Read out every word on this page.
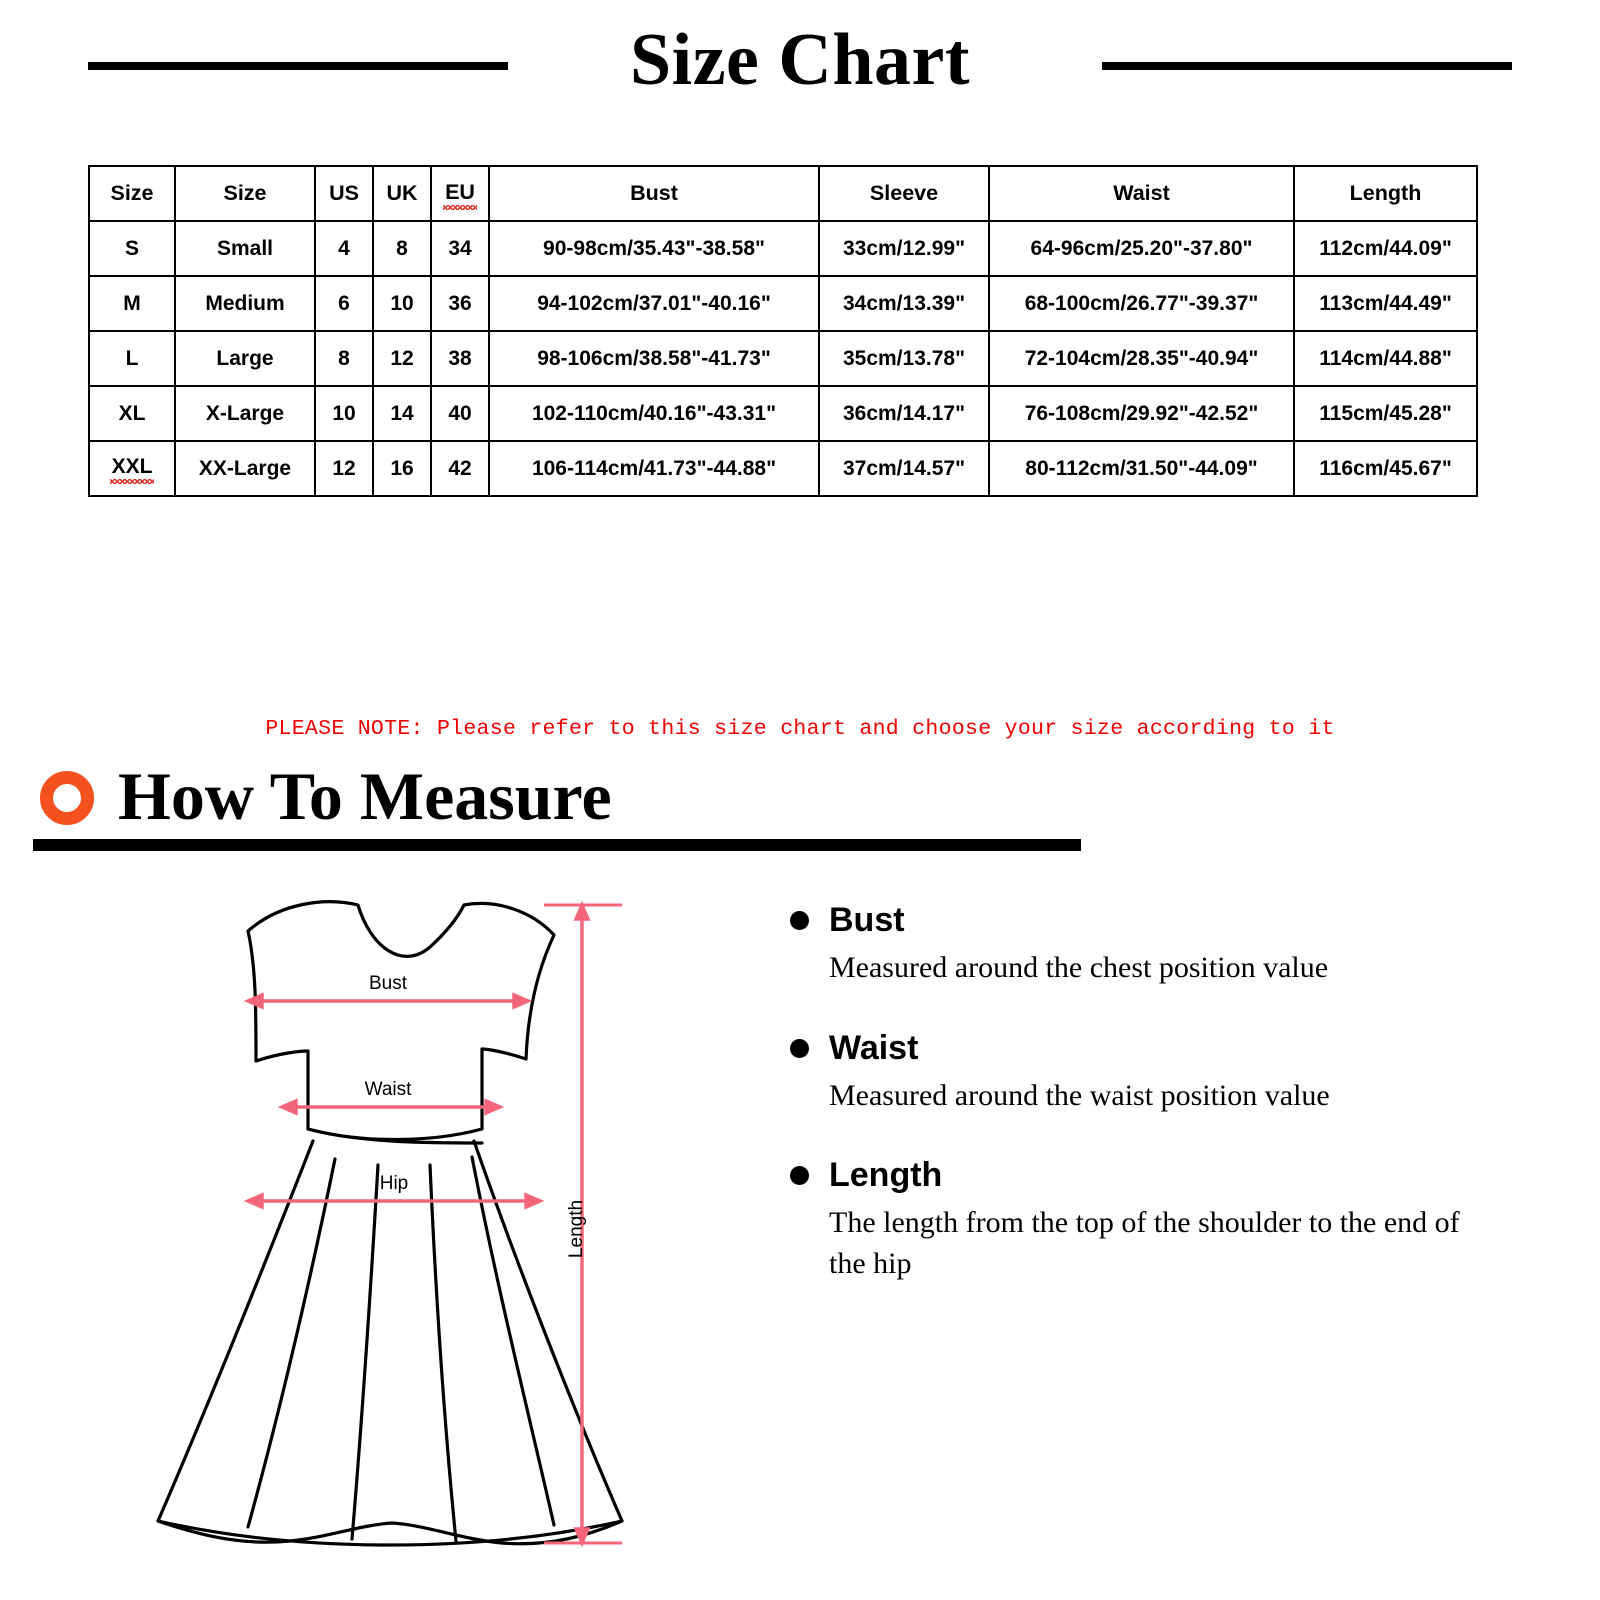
Size Chart
Size	Size	US	UK	EU	Bust	Sleeve	Waist	Length
S	Small	4	8	34	90-98cm/35.43"-38.58"	33cm/12.99"	64-96cm/25.20"-37.80"	112cm/44.09"
M	Medium	6	10	36	94-102cm/37.01"-40.16"	34cm/13.39"	68-100cm/26.77"-39.37"	113cm/44.49"
L	Large	8	12	38	98-106cm/38.58"-41.73"	35cm/13.78"	72-104cm/28.35"-40.94"	114cm/44.88"
XL	X-Large	10	14	40	102-110cm/40.16"-43.31"	36cm/14.17"	76-108cm/29.92"-42.52"	115cm/45.28"
XXL	XX-Large	12	16	42	106-114cm/41.73"-44.88"	37cm/14.57"	80-112cm/31.50"-44.09"	116cm/45.67"
PLEASE NOTE: Please refer to this size chart and choose your size according to it
How To Measure
Bust
Waist
Hip
Length
Bust
Measured around the chest position value
Waist
Measured around the waist position value
Length
The length from the top of the shoulder to the end of the hip
